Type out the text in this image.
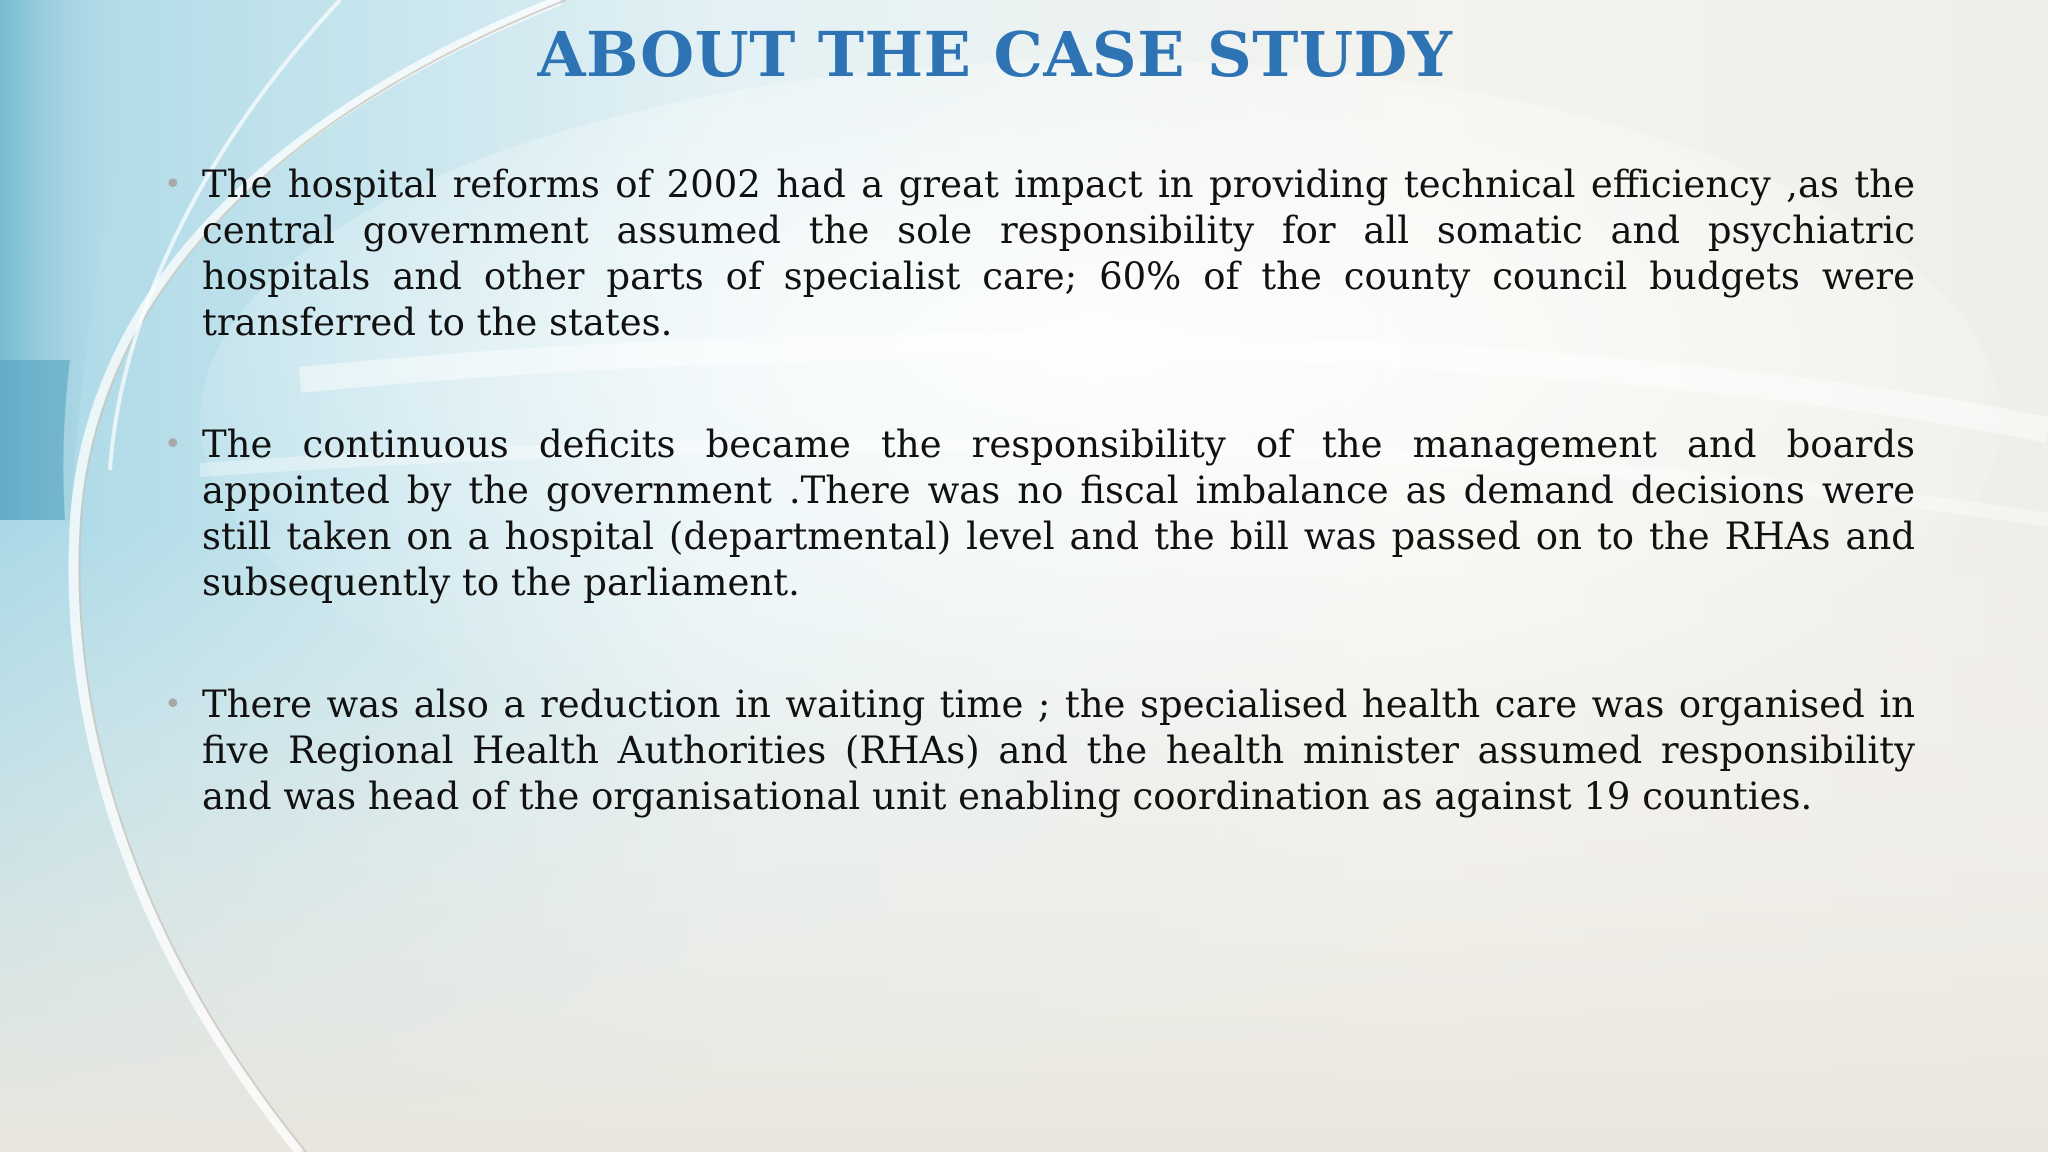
ABOUT THE CASE STUDY
• The hospital reforms of 2002 had a great impact in providing technical efficiency ,as the central government assumed the sole responsibility for all somatic and psychiatric hospitals and other parts of specialist care; 60% of the county council budgets were transferred to the states.
• The continuous deficits became the responsibility of the management and boards appointed by the government .There was no fiscal imbalance as demand decisions were still taken on a hospital (departmental) level and the bill was passed on to the RHAs and subsequently to the parliament.
• There was also a reduction in waiting time ; the specialised health care was organised in five Regional Health Authorities (RHAs) and the health minister assumed responsibility and was head of the organisational unit enabling coordination as against 19 counties.
